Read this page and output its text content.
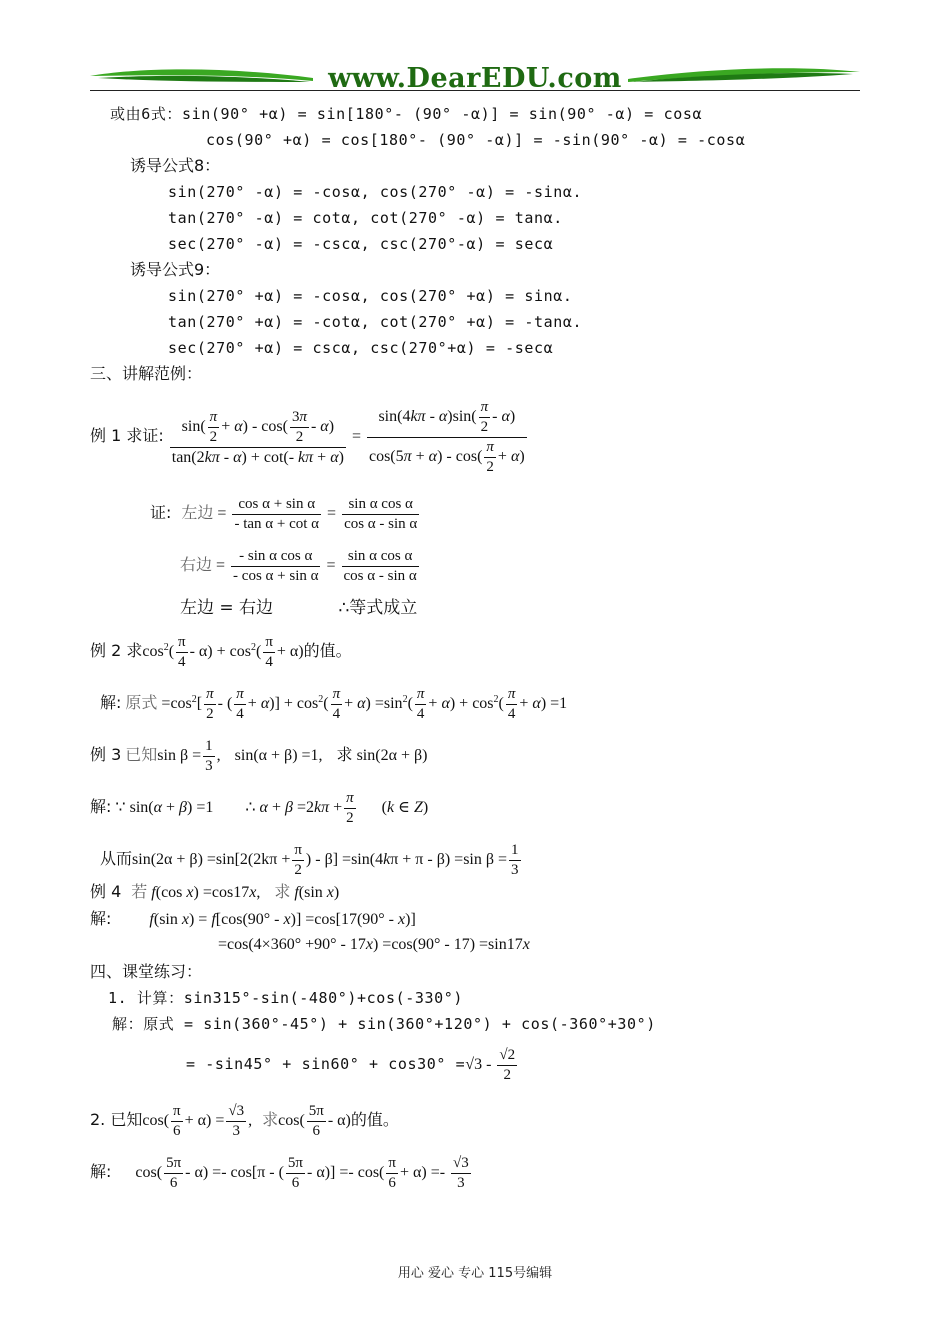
www.DearEDU.com
或由6式：sin(90° +α) = sin[180°- (90° -α)] = sin(90° -α) = cosα
cos(90° +α) = cos[180°- (90° -α)] = -sin(90° -α) = -cosα
诱导公式8：
sin(270° -α) = -cosα, cos(270° -α) = -sinα.
tan(270° -α) = cotα, cot(270° -α) = tanα.
sec(270° -α) = -cscα, csc(270°-α) = secα
诱导公式9：
sin(270° +α) = -cosα, cos(270° +α) = sinα.
tan(270° +α) = -cotα, cot(270° +α) = -tanα.
sec(270° +α) = cscα, csc(270°+α) = -secα
三、讲解范例：
例 1 求证: $\frac{\sin( \frac{\pi}{2} + \alpha) - \cos( \frac{3\pi}{2} - \alpha)}{\tan(2k\pi - \alpha) + \cot(- k\pi + \alpha)} = \frac{\sin(4k\pi - \alpha)\sin( \frac{\pi}{2} - \alpha)}{\cos(5\pi + \alpha) - \cos( \frac{\pi}{2} + \alpha)}$
证: 左边 = $\frac{\text{cos α + sin α}}{\text{- tan α + cot α}} = \frac{\text{sin α cos α}}{\text{cos α - sin α}}$
右边 = $\frac{\text{- sin α cos α}}{\text{- cos α + sin α}} = \frac{\text{sin α cos α}}{\text{cos α - sin α}}$
左边 = 右边	∴等式成立
例 2 求$\cos^2( \frac{\pi}{4} - \alpha) + \cos^2( \frac{\pi}{4} + \alpha)$的值。
解: 原式 $=\cos^2[ \frac{\pi}{2}$ - ( $\frac{\pi}{4} + \alpha)] + \cos^2( \frac{\pi}{4} + \alpha) =\sin^2( \frac{\pi}{4} + \alpha) + \cos^2( \frac{\pi}{4} + \alpha) =1$
例 3 已知$\sin \beta = \frac{1}{3}$ , sin(α + β) =1, 求 sin(2α + β)
解: ∵ sin(α + β) =1 ∴ $\alpha + \beta =2k\pi + \frac{\pi}{2} (k$ ∈ Z)
从而$\sin(2\alpha + \beta) =\sin[2(2k\pi + \frac{\pi}{2}$ ) - β] =sin(4kπ + π - β) =sin $\beta = \frac{1}{3}$
例 4 若 f(cos x) =cos17x, 求 f(sin x)
解: f(sin x) = f[cos(90° - x)] =cos[17(90° - x)]
=cos(4×360° +90° - 17x) =cos(90° - 17) =sin17x
四、课堂练习：
1. 计算：sin315°-sin(-480°)+cos(-330°)
解：原式 = sin(360°-45°) + sin(360°+120°) + cos(-360°+30°)
= $-\sin 45^\circ + \sin 60^\circ + \cos 30^\circ =√3 - \frac{√2}{2}$
2. 已知$\cos( \frac{\pi}{6} + \alpha) = \frac{√3}{3}$ , 求$\cos( \frac{5\pi}{6} - \alpha)$的值。
解: $\cos( \frac{5\pi}{6} - \alpha) =- \cos[\pi$ - ( $\frac{5\pi}{6} - \alpha)] =- \cos( \frac{\pi}{6} + \alpha) =- \frac{√3}{3}$
用心 爱心 专心 115号编辑
